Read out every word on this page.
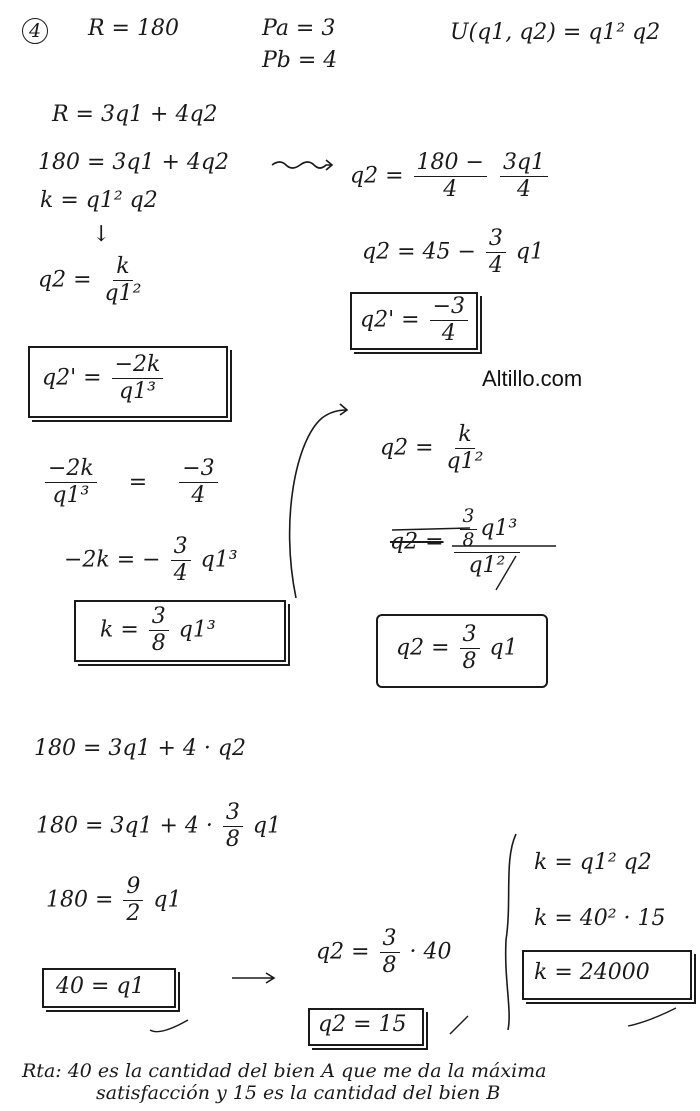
4	R = 180	Pa = 3
Pb = 4
U(q1, q2) = q1² q2
R = 3q1 + 4q2
180 = 3q1 + 4q2
k = q1² q2
↓
$q2 = \frac{k}{\text{q1²}}$
$q2' = \frac{-2k}{\text{q1³}}$
$\frac{-2k}{\text{q1³}} = \frac{-3}{4}$
−2k = − $\frac{3}{4} q1^3$
$k = \frac{3}{8} q1^3$
$q2 = \frac{180 -}{4}$
$\frac{3q1}{4}$
$q2 = 45 - \frac{3}{4} q1$
$q2' = \frac{-3}{4}$
Altillo.com
$q2 = \frac{k}{\text{q1²}}$
$q2 = \frac{\frac{3}{8} q1^3}{\text{q1²}}$
$q2 = \frac{3}{8} q1$
180 = 3q1 + 4 · q2
$180 = 3q1 + 4 \cdot \frac{3}{8} q1$
$180 = \frac{9}{2} q1$
40 = q1
$q2 = \frac{3}{8} \cdot 40$
q2 = 15
k = q1² q2
k = 40² · 15
k = 24000
Rta: 40 es la cantidad del bien A que me da la máxima
satisfacción y 15 es la cantidad del bien B
